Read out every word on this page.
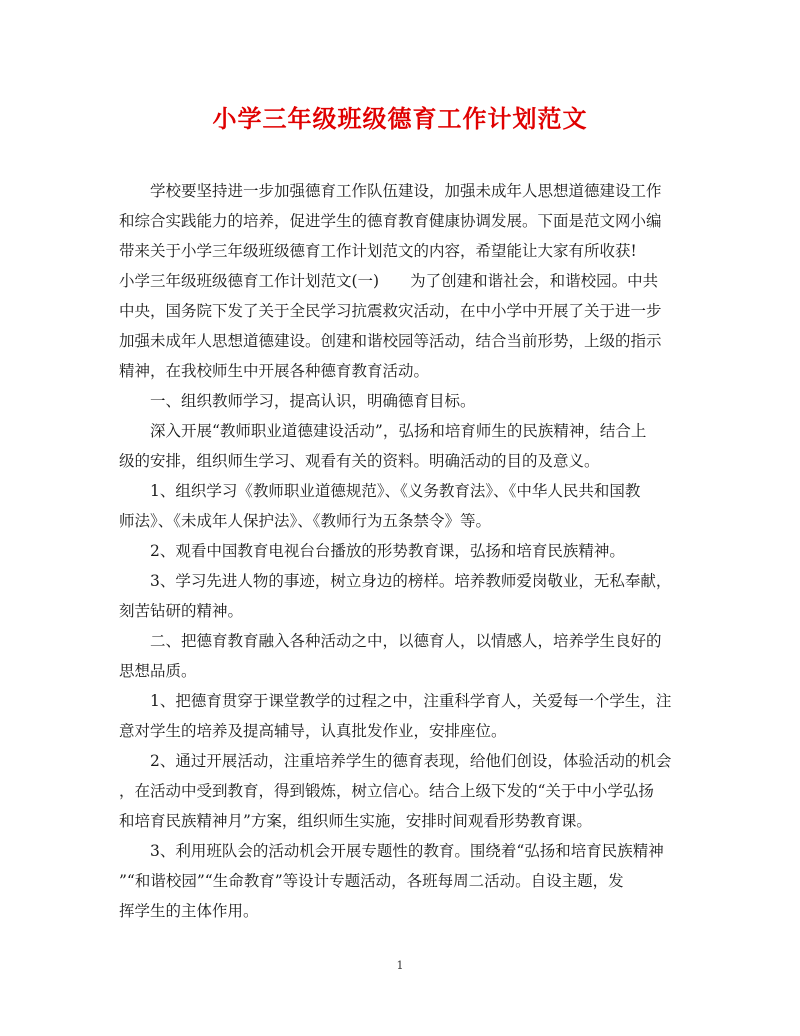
小学三年级班级德育工作计划范文
　　学校要坚持进一步加强德育工作队伍建设，加强未成年人思想道德建设工作
和综合实践能力的培养，促进学生的德育教育健康协调发展。下面是范文网小编
带来关于小学三年级班级德育工作计划范文的内容，希望能让大家有所收获!
小学三年级班级德育工作计划范文(一)　　为了创建和谐社会，和谐校园。中共
中央，国务院下发了关于全民学习抗震救灾活动，在中小学中开展了关于进一步
加强未成年人思想道德建设。创建和谐校园等活动，结合当前形势，上级的指示
精神，在我校师生中开展各种德育教育活动。
　　一、组织教师学习，提高认识，明确德育目标。
　　深入开展“教师职业道德建设活动”，弘扬和培育师生的民族精神，结合上
级的安排，组织师生学习、观看有关的资料。明确活动的目的及意义。
　　1、组织学习《教师职业道德规范》、《义务教育法》、《中华人民共和国教
师法》、《未成年人保护法》、《教师行为五条禁令》等。
　　2、观看中国教育电视台台播放的形势教育课，弘扬和培育民族精神。
　　3、学习先进人物的事迹，树立身边的榜样。培养教师爱岗敬业，无私奉献，
刻苦钻研的精神。
　　二、把德育教育融入各种活动之中，以德育人，以情感人，培养学生良好的
思想品质。
　　1、把德育贯穿于课堂教学的过程之中，注重科学育人，关爱每一个学生，注
意对学生的培养及提高辅导，认真批发作业，安排座位。
　　2、通过开展活动，注重培养学生的德育表现，给他们创设，体验活动的机会
，在活动中受到教育，得到锻炼，树立信心。结合上级下发的“关于中小学弘扬
和培育民族精神月”方案，组织师生实施，安排时间观看形势教育课。
　　3、利用班队会的活动机会开展专题性的教育。围绕着“弘扬和培育民族精神
”“和谐校园”“生命教育”等设计专题活动，各班每周二活动。自设主题，发
挥学生的主体作用。
1
